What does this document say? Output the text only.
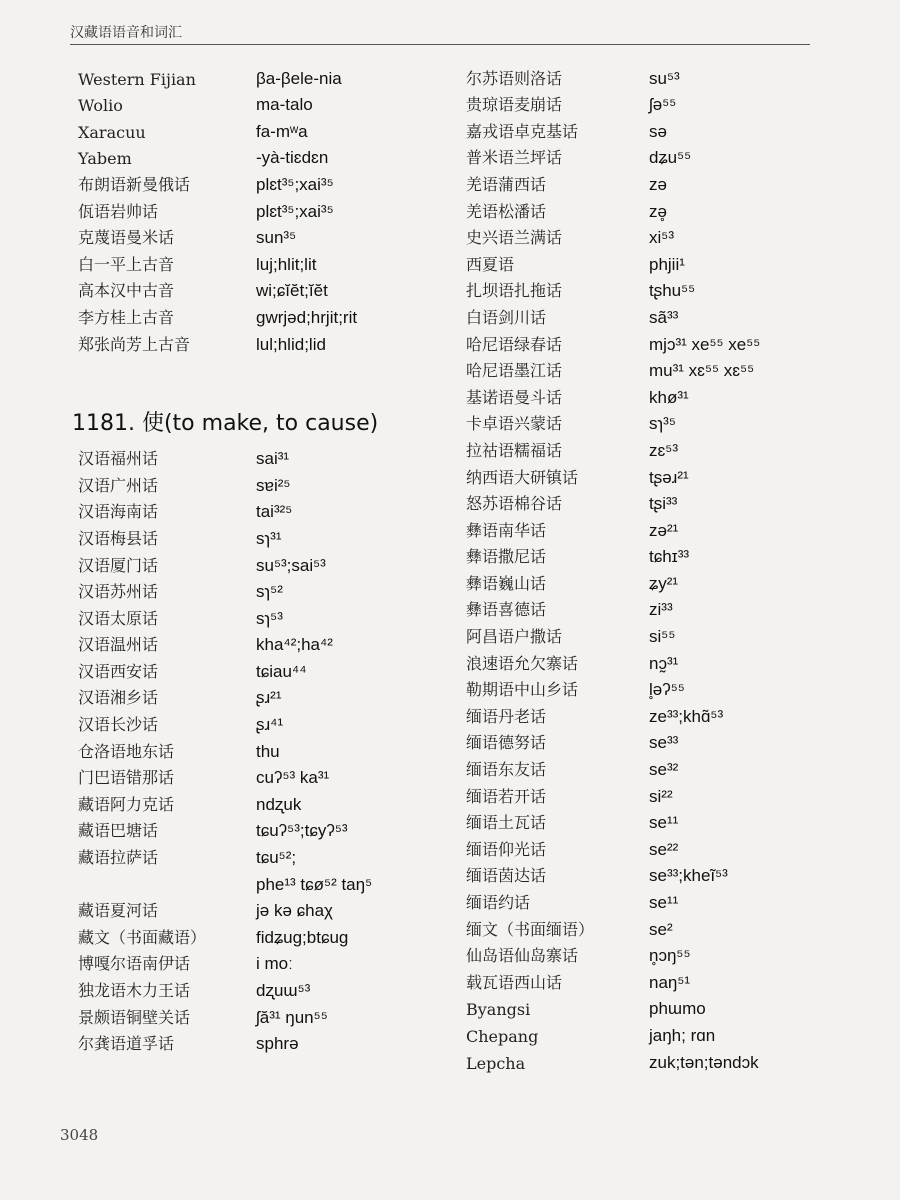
汉藏语语音和词汇
Western Fijian	βa-βele-nia
Wolio	ma-talo
Xaracuu	fa-mʷa
Yabem	-yà-tiɛdɛn
布朗语新曼俄话	plɛt³⁵;xai³⁵
佤语岩帅话	plɛt³⁵;xai³⁵
克蔑语曼米话	sun³⁵
白一平上古音	luj;hlit;lit
高本汉中古音	wi;ɕĭĕt;ĭĕt
李方桂上古音	gwrjəd;hrjit;rit
郑张尚芳上古音	lul;hlid;lid
1181. 使(to make, to cause)
汉语福州话	sai³¹
汉语广州话	sɐi²⁵
汉语海南话	tai³²⁵
汉语梅县话	sɿ³¹
汉语厦门话	su⁵³;sai⁵³
汉语苏州话	sɿ⁵²
汉语太原话	sɿ⁵³
汉语温州话	kha⁴²;ha⁴²
汉语西安话	tɕiau⁴⁴
汉语湘乡话	ʂɹ²¹
汉语长沙话	ʂɹ⁴¹
仓洛语地东话	thu
门巴语错那话	cuʔ⁵³ ka³¹
藏语阿力克话	ndʐuk
藏语巴塘话	tɕuʔ⁵³;tɕyʔ⁵³
藏语拉萨话	tɕu⁵²;
phe¹³ tɕø⁵² taŋ⁵
藏语夏河话	jə kə ɕhaχ
藏文（书面藏语）	fidʑug;btɕug
博嘎尔语南伊话	i moː
独龙语木力王话	dʐuɯ⁵³
景颇语铜壁关话	ʃă³¹ ŋun⁵⁵
尔龚语道孚话	sphrə
尔苏语则洛话	su⁵³
贵琼语麦崩话	ʃə⁵⁵
嘉戎语卓克基话	sə
普米语兰坪话	dʑu⁵⁵
羌语蒲西话	zə
羌语松潘话	zə̥
史兴语兰满话	xi⁵³
西夏语	phjii¹
扎坝语扎拖话	tʂhu⁵⁵
白语剑川话	sã³³
哈尼语绿春话	mjɔ³¹ xe⁵⁵ xe⁵⁵
哈尼语墨江话	mu³¹ xɛ⁵⁵ xɛ⁵⁵
基诺语曼斗话	khø³¹
卡卓语兴蒙话	sɿ³⁵
拉祜语糯福话	zɛ⁵³
纳西语大研镇话	tʂəɹ²¹
怒苏语棉谷话	tʂi³³
彝语南华话	zə²¹
彝语撒尼话	tɕhɪ³³
彝语巍山话	ʑy²¹
彝语喜德话	zi³³
阿昌语户撒话	si⁵⁵
浪速语允欠寨话	nɔ̰³¹
勒期语中山乡话	l̥əʔ⁵⁵
缅语丹老话	ze³³;khɑ̃⁵³
缅语德努话	se³³
缅语东友话	se³²
缅语若开话	si²²
缅语土瓦话	se¹¹
缅语仰光话	se²²
缅语茵达话	se³³;kheĩ⁵³
缅语约话	se¹¹
缅文（书面缅语）	se²
仙岛语仙岛寨话	n̥ɔŋ⁵⁵
载瓦语西山话	naŋ⁵¹
Byangsi	phɯmo
Chepang	jaŋh; rɑn
Lepcha	zuk;tən;təndɔk
3048
